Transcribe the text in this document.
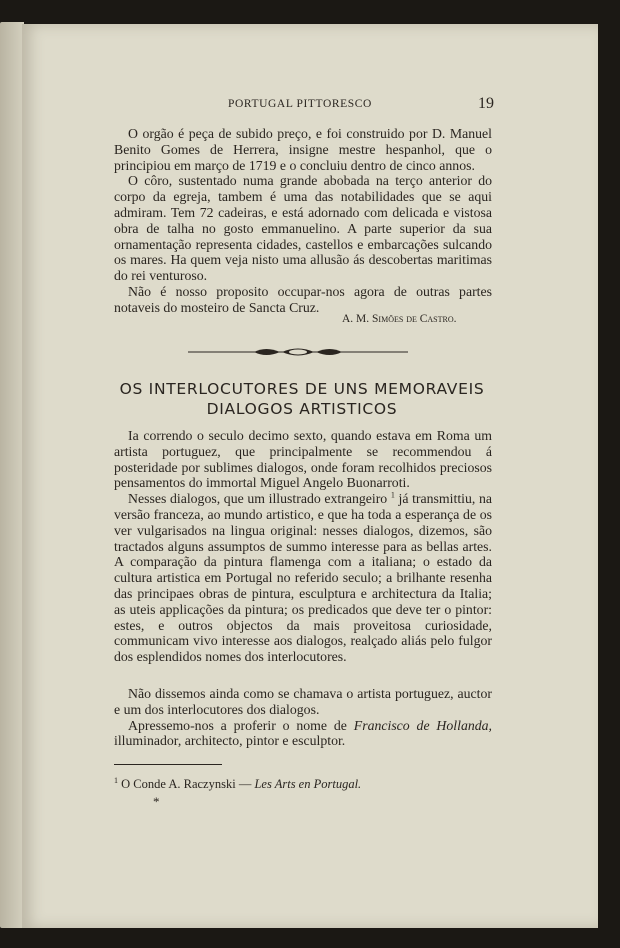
PORTUGAL PITTORESCO	19

O orgão é peça de subido preço, e foi construido por D. Manuel Benito Gomes de Herrera, insigne mestre hespanhol, que o principiou em março de 1719 e o concluiu dentro de cinco annos.

O côro, sustentado numa grande abobada na terço anterior do corpo da egreja, tambem é uma das notabilidades que se aqui admiram. Tem 72 cadeiras, e está adornado com delicada e vistosa obra de talha no gosto emmanuelino. A parte superior da sua ornamentação representa cidades, castellos e embarcações sulcando os mares. Ha quem veja nisto uma allusão ás descobertas maritimas do rei venturoso.

Não é nosso proposito occupar-nos agora de outras partes notaveis do mosteiro de Sancta Cruz.

A. M. Simões de Castro.
OS INTERLOCUTORES DE UNS MEMORAVEIS
DIALOGOS ARTISTICOS

Ia correndo o seculo decimo sexto, quando estava em Roma um artista portuguez, que principalmente se recommendou á posteridade por sublimes dialogos, onde foram recolhidos preciosos pensamentos do immortal Miguel Angelo Buonarroti.

Nesses dialogos, que um illustrado extrangeiro $^1$ já transmittiu, na versão franceza, ao mundo artistico, e que ha toda a esperança de os ver vulgarisados na lingua original: nesses dialogos, dizemos, são tractados alguns assumptos de summo interesse para as bellas artes. A comparação da pintura flamenga com a italiana; o estado da cultura artistica em Portugal no referido seculo; a brilhante resenha das principaes obras de pintura, esculptura e architectura da Italia; as uteis applicações da pintura; os predicados que deve ter o pintor: estes, e outros objectos da mais proveitosa curiosidade, communicam vivo interesse aos dialogos, realçado aliás pelo fulgor dos esplendidos nomes dos interlocutores.

Não dissemos ainda como se chamava o artista portuguez, auctor e um dos interlocutores dos dialogos.

Apressemo-nos a proferir o nome de Francisco de Hollanda, illuminador, architecto, pintor e esculptor.

$^1$ O Conde A. Raczynski — Les Arts en Portugal.
*
